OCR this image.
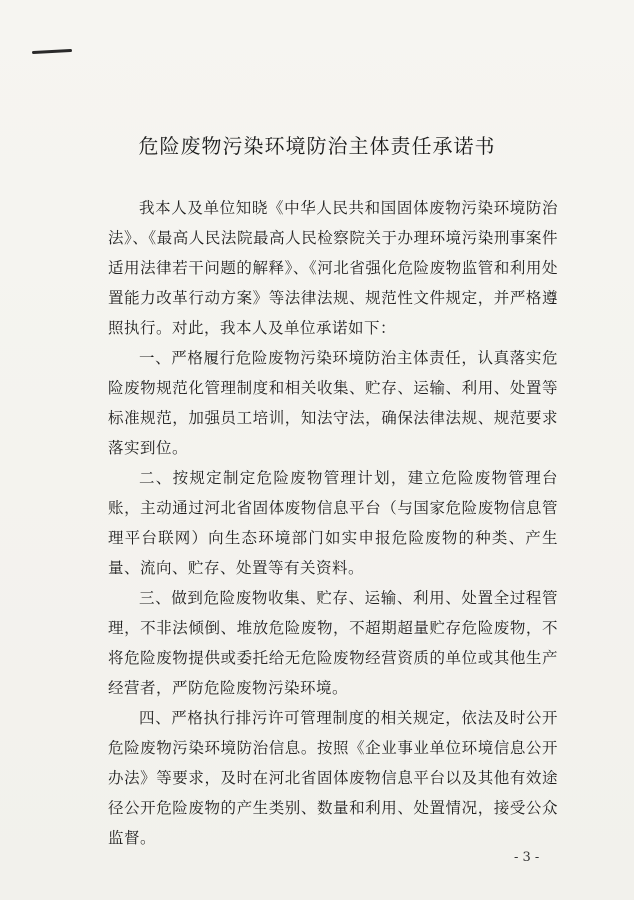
危险废物污染环境防治主体责任承诺书

我本人及单位知晓《中华人民共和国固体废物污染环境防治法》、《最高人民法院最高人民检察院关于办理环境污染刑事案件适用法律若干问题的解释》、《河北省强化危险废物监管和利用处置能力改革行动方案》等法律法规、规范性文件规定，并严格遵照执行。对此，我本人及单位承诺如下：

一、严格履行危险废物污染环境防治主体责任，认真落实危险废物规范化管理制度和相关收集、贮存、运输、利用、处置等标准规范，加强员工培训，知法守法，确保法律法规、规范要求落实到位。

二、按规定制定危险废物管理计划，建立危险废物管理台账，主动通过河北省固体废物信息平台（与国家危险废物信息管理平台联网）向生态环境部门如实申报危险废物的种类、产生量、流向、贮存、处置等有关资料。

三、做到危险废物收集、贮存、运输、利用、处置全过程管理，不非法倾倒、堆放危险废物，不超期超量贮存危险废物，不将危险废物提供或委托给无危险废物经营资质的单位或其他生产经营者，严防危险废物污染环境。

四、严格执行排污许可管理制度的相关规定，依法及时公开危险废物污染环境防治信息。按照《企业事业单位环境信息公开办法》等要求，及时在河北省固体废物信息平台以及其他有效途径公开危险废物的产生类别、数量和利用、处置情况，接受公众监督。

- 3 -
